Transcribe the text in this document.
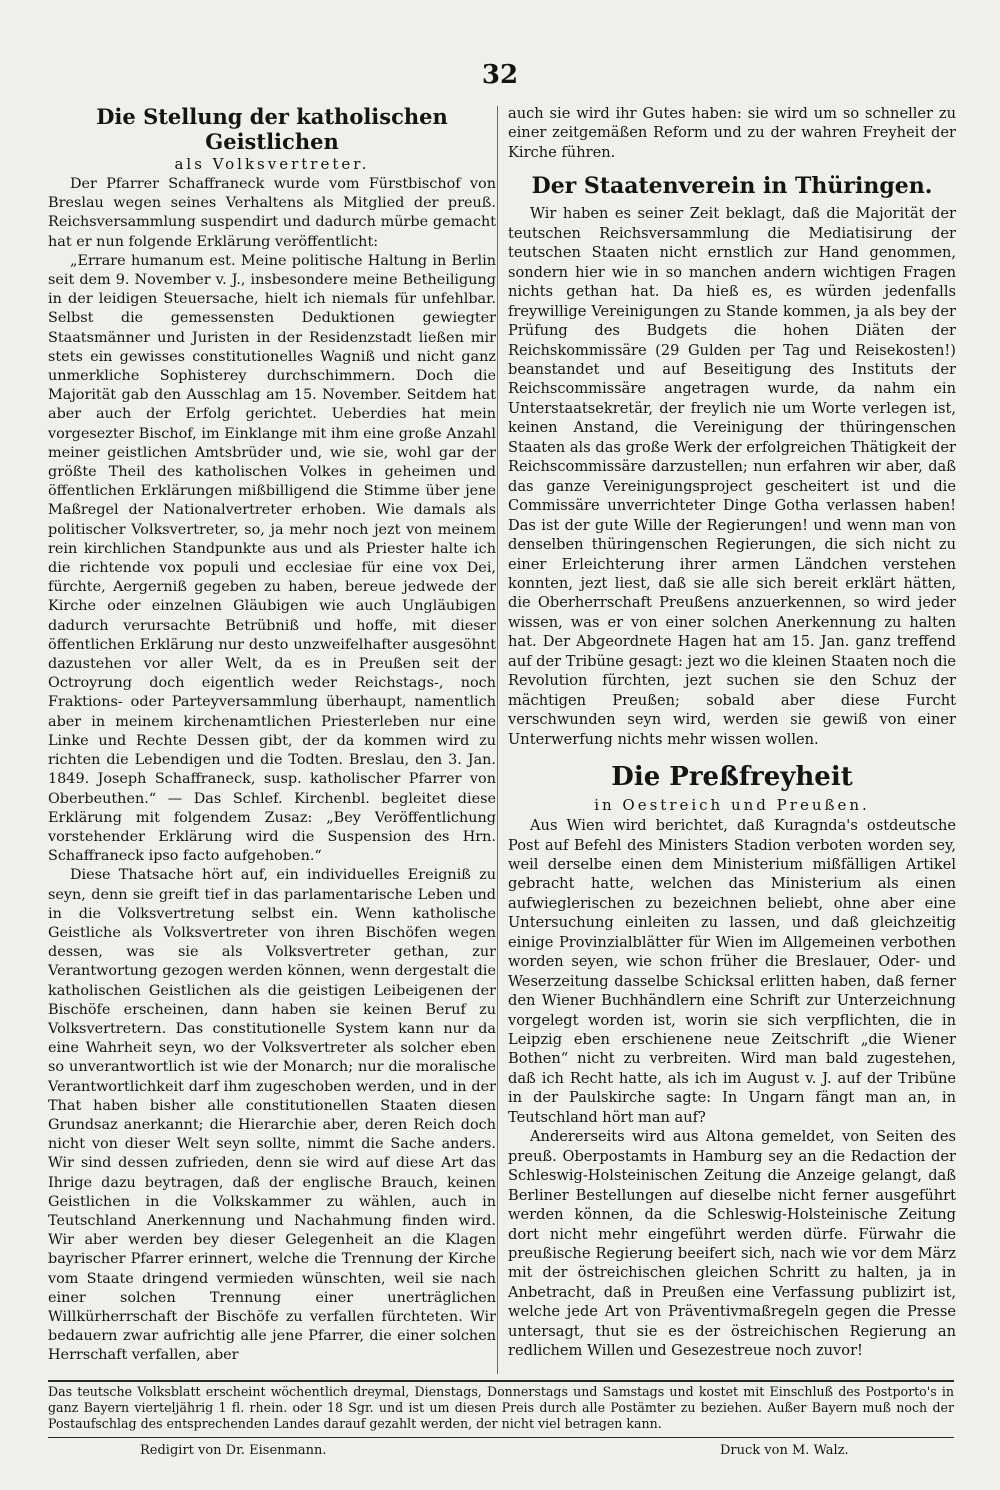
32
Die Stellung der katholischen Geistlichen
als Volksvertreter.

Der Pfarrer Schaffraneck wurde vom Fürstbischof von Breslau wegen seines Verhaltens als Mitglied der preuß. Reichsversammlung suspendirt und dadurch mürbe gemacht hat er nun folgende Erklärung veröffentlicht:

„Errare humanum est. Meine politische Haltung in Berlin seit dem 9. November v. J., insbesondere meine Betheiligung in der leidigen Steuersache, hielt ich niemals für unfehlbar. Selbst die gemessensten Deduktionen gewiegter Staatsmänner und Juristen in der Residenzstadt ließen mir stets ein gewisses constitutionelles Wagniß und nicht ganz unmerkliche Sophisterey durchschimmern. Doch die Majorität gab den Ausschlag am 15. November. Seitdem hat aber auch der Erfolg gerichtet. Ueberdies hat mein vorgesezter Bischof, im Einklange mit ihm eine große Anzahl meiner geistlichen Amtsbrüder und, wie sie, wohl gar der größte Theil des katholischen Volkes in geheimen und öffentlichen Erklärungen mißbilligend die Stimme über jene Maßregel der Nationalvertreter erhoben. Wie damals als politischer Volksvertreter, so, ja mehr noch jezt von meinem rein kirchlichen Standpunkte aus und als Priester halte ich die richtende vox populi und ecclesiae für eine vox Dei, fürchte, Aergerniß gegeben zu haben, bereue jedwede der Kirche oder einzelnen Gläubigen wie auch Ungläubigen dadurch verursachte Betrübniß und hoffe, mit dieser öffentlichen Erklärung nur desto unzweifelhafter ausgesöhnt dazustehen vor aller Welt, da es in Preußen seit der Octroyrung doch eigentlich weder Reichstags-, noch Fraktions- oder Parteyversammlung überhaupt, namentlich aber in meinem kirchenamtlichen Priesterleben nur eine Linke und Rechte Dessen gibt, der da kommen wird zu richten die Lebendigen und die Todten. Breslau, den 3. Jan. 1849. Joseph Schaffraneck, susp. katholischer Pfarrer von Oberbeuthen.“ — Das Schlef. Kirchenbl. begleitet diese Erklärung mit folgendem Zusaz: „Bey Veröffentlichung vorstehender Erklärung wird die Suspension des Hrn. Schaffraneck ipso facto aufgehoben.“

Diese Thatsache hört auf, ein individuelles Ereigniß zu seyn, denn sie greift tief in das parlamentarische Leben und in die Volksvertretung selbst ein. Wenn katholische Geistliche als Volksvertreter von ihren Bischöfen wegen dessen, was sie als Volksvertreter gethan, zur Verantwortung gezogen werden können, wenn dergestalt die katholischen Geistlichen als die geistigen Leibeigenen der Bischöfe erscheinen, dann haben sie keinen Beruf zu Volksvertretern. Das constitutionelle System kann nur da eine Wahrheit seyn, wo der Volksvertreter als solcher eben so unverantwortlich ist wie der Monarch; nur die moralische Verantwortlichkeit darf ihm zugeschoben werden, und in der That haben bisher alle constitutionellen Staaten diesen Grundsaz anerkannt; die Hierarchie aber, deren Reich doch nicht von dieser Welt seyn sollte, nimmt die Sache anders. Wir sind dessen zufrieden, denn sie wird auf diese Art das Ihrige dazu beytragen, daß der englische Brauch, keinen Geistlichen in die Volkskammer zu wählen, auch in Teutschland Anerkennung und Nachahmung finden wird. Wir aber werden bey dieser Gelegenheit an die Klagen bayrischer Pfarrer erinnert, welche die Trennung der Kirche vom Staate dringend vermieden wünschten, weil sie nach einer solchen Trennung einer unerträglichen Willkürherrschaft der Bischöfe zu verfallen fürchteten. Wir bedauern zwar aufrichtig alle jene Pfarrer, die einer solchen Herrschaft verfallen, aber

auch sie wird ihr Gutes haben: sie wird um so schneller zu einer zeitgemäßen Reform und zu der wahren Freyheit der Kirche führen.

Der Staatenverein in Thüringen.

Wir haben es seiner Zeit beklagt, daß die Majorität der teutschen Reichsversammlung die Mediatisirung der teutschen Staaten nicht ernstlich zur Hand genommen, sondern hier wie in so manchen andern wichtigen Fragen nichts gethan hat. Da hieß es, es würden jedenfalls freywillige Vereinigungen zu Stande kommen, ja als bey der Prüfung des Budgets die hohen Diäten der Reichskommissäre (29 Gulden per Tag und Reisekosten!) beanstandet und auf Beseitigung des Instituts der Reichscommissäre angetragen wurde, da nahm ein Unterstaatsekretär, der freylich nie um Worte verlegen ist, keinen Anstand, die Vereinigung der thüringenschen Staaten als das große Werk der erfolgreichen Thätigkeit der Reichscommissäre darzustellen; nun erfahren wir aber, daß das ganze Vereinigungsproject gescheitert ist und die Commissäre unverrichteter Dinge Gotha verlassen haben! Das ist der gute Wille der Regierungen! und wenn man von denselben thüringenschen Regierungen, die sich nicht zu einer Erleichterung ihrer armen Ländchen verstehen konnten, jezt liest, daß sie alle sich bereit erklärt hätten, die Oberherrschaft Preußens anzuerkennen, so wird jeder wissen, was er von einer solchen Anerkennung zu halten hat. Der Abgeordnete Hagen hat am 15. Jan. ganz treffend auf der Tribüne gesagt: jezt wo die kleinen Staaten noch die Revolution fürchten, jezt suchen sie den Schuz der mächtigen Preußen; sobald aber diese Furcht verschwunden seyn wird, werden sie gewiß von einer Unterwerfung nichts mehr wissen wollen.

Die Preßfreyheit
in Oestreich und Preußen.

Aus Wien wird berichtet, daß Kuragnda's ostdeutsche Post auf Befehl des Ministers Stadion verboten worden sey, weil derselbe einen dem Ministerium mißfälligen Artikel gebracht hatte, welchen das Ministerium als einen aufwieglerischen zu bezeichnen beliebt, ohne aber eine Untersuchung einleiten zu lassen, und daß gleichzeitig einige Provinzialblätter für Wien im Allgemeinen verbothen worden seyen, wie schon früher die Breslauer, Oder- und Weserzeitung dasselbe Schicksal erlitten haben, daß ferner den Wiener Buchhändlern eine Schrift zur Unterzeichnung vorgelegt worden ist, worin sie sich verpflichten, die in Leipzig eben erschienene neue Zeitschrift „die Wiener Bothen“ nicht zu verbreiten. Wird man bald zugestehen, daß ich Recht hatte, als ich im August v. J. auf der Tribüne in der Paulskirche sagte: In Ungarn fängt man an, in Teutschland hört man auf?

Andererseits wird aus Altona gemeldet, von Seiten des preuß. Oberpostamts in Hamburg sey an die Redaction der Schleswig-Holsteinischen Zeitung die Anzeige gelangt, daß Berliner Bestellungen auf dieselbe nicht ferner ausgeführt werden können, da die Schleswig-Holsteinische Zeitung dort nicht mehr eingeführt werden dürfe. Fürwahr die preußische Regierung beeifert sich, nach wie vor dem März mit der östreichischen gleichen Schritt zu halten, ja in Anbetracht, daß in Preußen eine Verfassung publizirt ist, welche jede Art von Präventivmaßregeln gegen die Presse untersagt, thut sie es der östreichischen Regierung an redlichem Willen und Gesezestreue noch zuvor!

Das teutsche Volksblatt erscheint wöchentlich dreymal, Dienstags, Donnerstags und Samstags und kostet mit Einschluß des Postporto's in ganz Bayern vierteljährig 1 fl. rhein. oder 18 Sgr. und ist um diesen Preis durch alle Postämter zu beziehen. Außer Bayern muß noch der Postaufschlag des entsprechenden Landes darauf gezahlt werden, der nicht viel betragen kann.
Redigirt von Dr. Eisenmann.	Druck von M. Walz.
